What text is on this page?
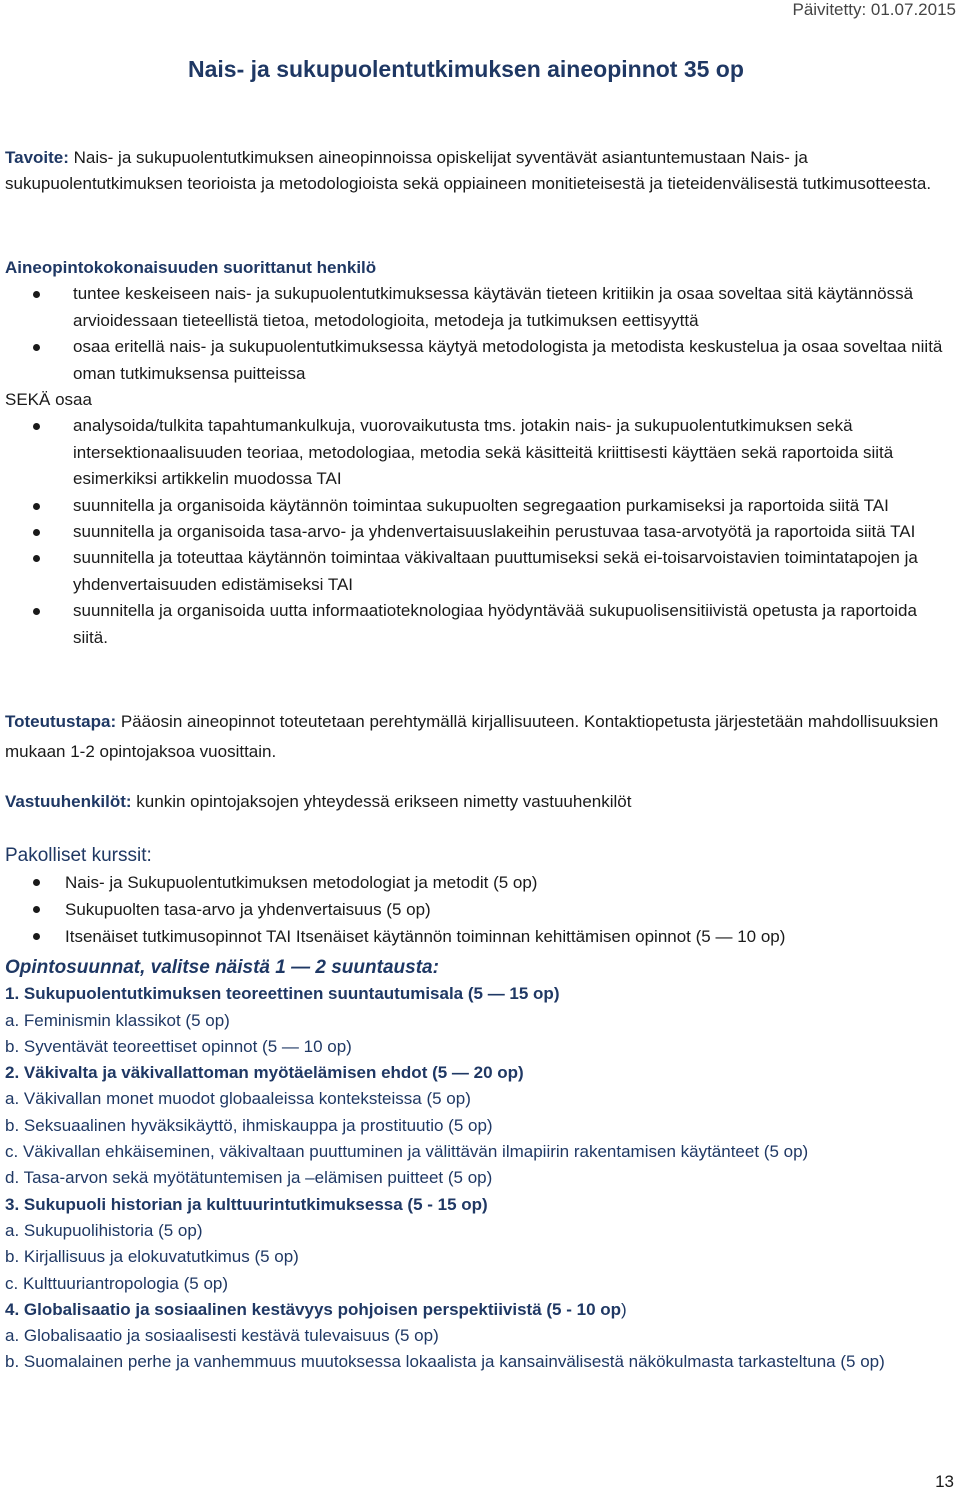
Päivitetty: 01.07.2015
Nais- ja sukupuolentutkimuksen aineopinnot 35 op

Tavoite: Nais- ja sukupuolentutkimuksen aineopinnoissa opiskelijat syventävät asiantuntemustaan Nais- ja sukupuolentutkimuksen teorioista ja metodologioista sekä oppiaineen monitieteisestä ja tieteidenvälisestä tutkimusotteesta.

Aineopintokokonaisuuden suorittanut henkilö

tuntee keskeiseen nais- ja sukupuolentutkimuksessa käytävän tieteen kritiikin ja osaa soveltaa sitä käytännössä arvioidessaan tieteellistä tietoa, metodologioita, metodeja ja tutkimuksen eettisyyttä
osaa eritellä nais- ja sukupuolentutkimuksessa käytyä metodologista ja metodista keskustelua ja osaa soveltaa niitä oman tutkimuksensa puitteissa

SEKÄ osaa

analysoida/tulkita tapahtumankulkuja, vuorovaikutusta tms. jotakin nais- ja sukupuolentutkimuksen sekä intersektionaalisuuden teoriaa, metodologiaa, metodia sekä käsitteitä kriittisesti käyttäen sekä raportoida siitä esimerkiksi artikkelin muodossa TAI
suunnitella ja organisoida käytännön toimintaa sukupuolten segregaation purkamiseksi ja raportoida siitä TAI
suunnitella ja organisoida tasa-arvo- ja yhdenvertaisuuslakeihin perustuvaa tasa-arvotyötä ja raportoida siitä TAI
suunnitella ja toteuttaa käytännön toimintaa väkivaltaan puuttumiseksi sekä ei-toisarvoistavien toimintatapojen ja yhdenvertaisuuden edistämiseksi TAI
suunnitella ja organisoida uutta informaatioteknologiaa hyödyntävää sukupuolisensitiivistä opetusta ja raportoida siitä.

Toteutustapa: Pääosin aineopinnot toteutetaan perehtymällä kirjallisuuteen. Kontaktiopetusta järjestetään mahdollisuuksien mukaan 1-2 opintojaksoa vuosittain.

Vastuuhenkilöt: kunkin opintojaksojen yhteydessä erikseen nimetty vastuuhenkilöt

Pakolliset kurssit:

Nais- ja Sukupuolentutkimuksen metodologiat ja metodit (5 op)
Sukupuolten tasa-arvo ja yhdenvertaisuus (5 op)
Itsenäiset tutkimusopinnot TAI Itsenäiset käytännön toiminnan kehittämisen opinnot (5 — 10 op)

Opintosuunnat, valitse näistä 1 — 2 suuntausta:

1. Sukupuolentutkimuksen teoreettinen suuntautumisala (5 — 15 op)

a. Feminismin klassikot (5 op)

b. Syventävät teoreettiset opinnot (5 — 10 op)

2. Väkivalta ja väkivallattoman myötäelämisen ehdot (5 — 20 op)

a. Väkivallan monet muodot globaaleissa konteksteissa (5 op)

b. Seksuaalinen hyväksikäyttö, ihmiskauppa ja prostituutio (5 op)

c. Väkivallan ehkäiseminen, väkivaltaan puuttuminen ja välittävän ilmapiirin rakentamisen käytänteet (5 op)

d. Tasa-arvon sekä myötätuntemisen ja –elämisen puitteet (5 op)

3. Sukupuoli historian ja kulttuurintutkimuksessa (5 - 15 op)

a. Sukupuolihistoria (5 op)

b. Kirjallisuus ja elokuvatutkimus (5 op)

c. Kulttuuriantropologia (5 op)

4. Globalisaatio ja sosiaalinen kestävyys pohjoisen perspektiivistä (5 - 10 op)

a. Globalisaatio ja sosiaalisesti kestävä tulevaisuus (5 op)

b. Suomalainen perhe ja vanhemmuus muutoksessa lokaalista ja kansainvälisestä näkökulmasta tarkasteltuna (5 op)

13
